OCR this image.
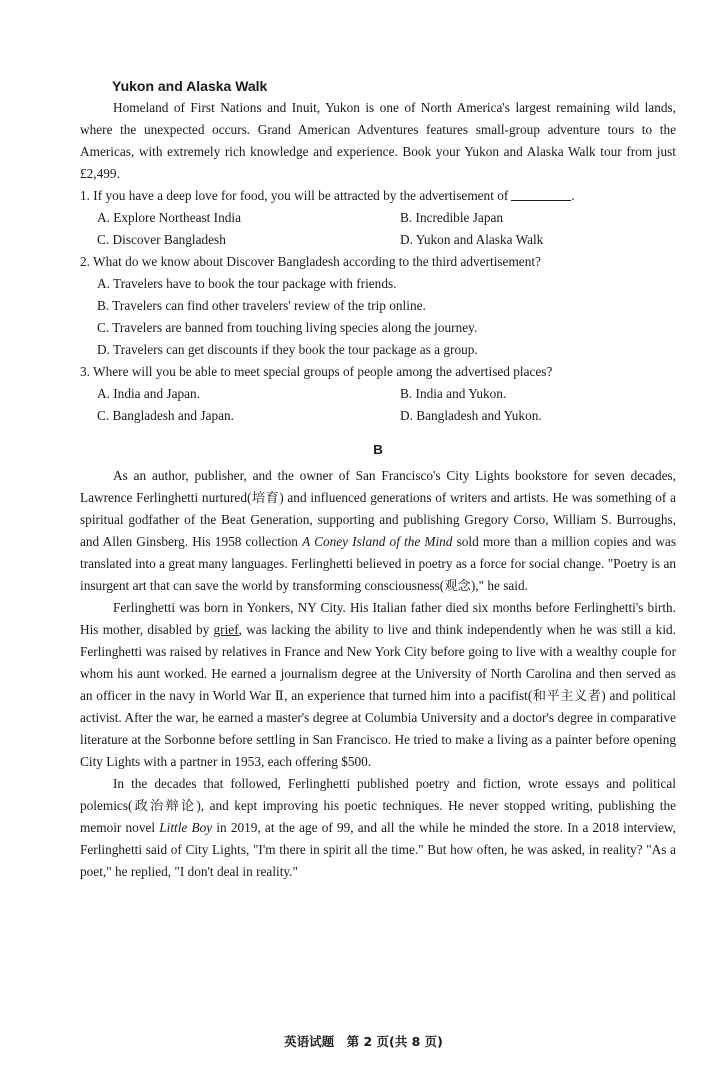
Yukon and Alaska Walk

Homeland of First Nations and Inuit, Yukon is one of North America's largest remaining wild lands, where the unexpected occurs. Grand American Adventures features small-group adventure tours to the Americas, with extremely rich knowledge and experience. Book your Yukon and Alaska Walk tour from just £2,499.

1. If you have a deep love for food, you will be attracted by the advertisement of	.

A. Explore Northeast India	B. Incredible Japan
C. Discover Bangladesh	D. Yukon and Alaska Walk

2. What do we know about Discover Bangladesh according to the third advertisement?

A. Travelers have to book the tour package with friends.
B. Travelers can find other travelers' review of the trip online.
C. Travelers are banned from touching living species along the journey.
D. Travelers can get discounts if they book the tour package as a group.

3. Where will you be able to meet special groups of people among the advertised places?

A. India and Japan.	B. India and Yukon.
C. Bangladesh and Japan.	D. Bangladesh and Yukon.
B

As an author, publisher, and the owner of San Francisco's City Lights bookstore for seven decades, Lawrence Ferlinghetti nurtured(培育) and influenced generations of writers and artists. He was something of a spiritual godfather of the Beat Generation, supporting and publishing Gregory Corso, William S. Burroughs, and Allen Ginsberg. His 1958 collection A Coney Island of the Mind sold more than a million copies and was translated into a great many languages. Ferlinghetti believed in poetry as a force for social change. "Poetry is an insurgent art that can save the world by transforming consciousness(观念)," he said.

Ferlinghetti was born in Yonkers, NY City. His Italian father died six months before Ferlinghetti's birth. His mother, disabled by grief, was lacking the ability to live and think independently when he was still a kid. Ferlinghetti was raised by relatives in France and New York City before going to live with a wealthy couple for whom his aunt worked. He earned a journalism degree at the University of North Carolina and then served as an officer in the navy in World War Ⅱ, an experience that turned him into a pacifist(和平主义者) and political activist. After the war, he earned a master's degree at Columbia University and a doctor's degree in comparative literature at the Sorbonne before settling in San Francisco. He tried to make a living as a painter before opening City Lights with a partner in 1953, each offering $500.

In the decades that followed, Ferlinghetti published poetry and fiction, wrote essays and political polemics(政治辩论), and kept improving his poetic techniques. He never stopped writing, publishing the memoir novel Little Boy in 2019, at the age of 99, and all the while he minded the store. In a 2018 interview, Ferlinghetti said of City Lights, "I'm there in spirit all the time." But how often, he was asked, in reality? "As a poet," he replied, "I don't deal in reality."

英语试题　第 2 页(共 8 页)
